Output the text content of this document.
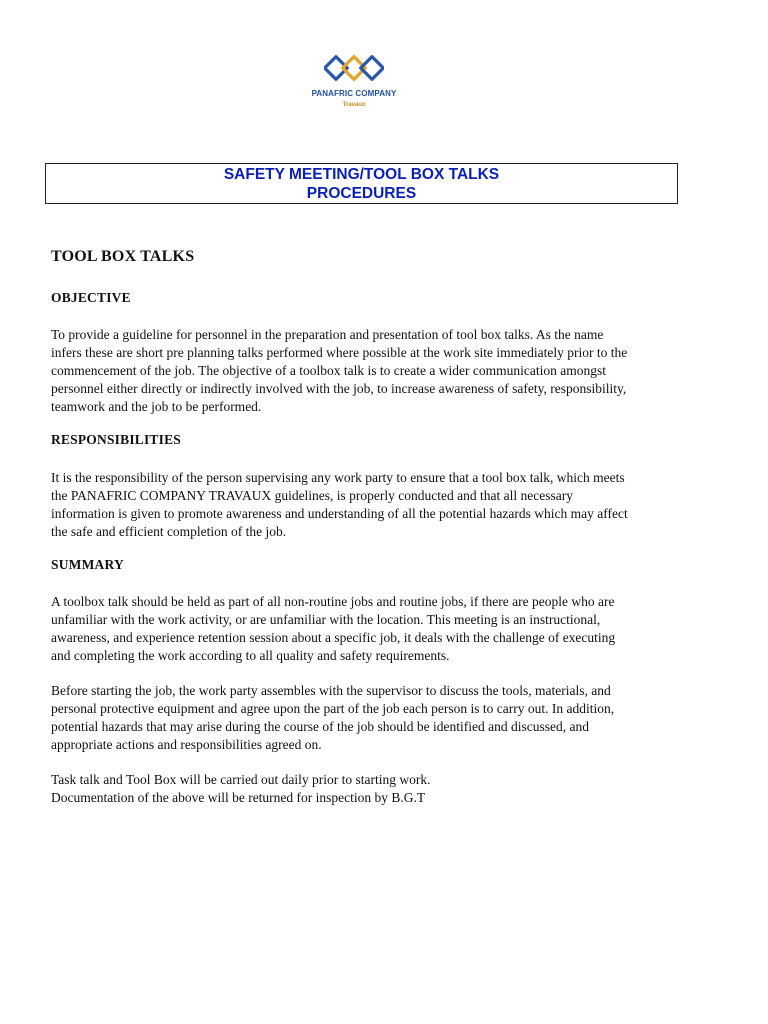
PANAFRIC COMPANY
Travaux
SAFETY MEETING/TOOL BOX TALKS
PROCEDURES
TOOL BOX TALKS
OBJECTIVE
To provide a guideline for personnel in the preparation and presentation of tool box talks. As the name
infers these are short pre planning talks performed where possible at the work site immediately prior to the
commencement of the job. The objective of a toolbox talk is to create a wider communication amongst
personnel either directly or indirectly involved with the job, to increase awareness of safety, responsibility,
teamwork and the job to be performed.
RESPONSIBILITIES
It is the responsibility of the person supervising any work party to ensure that a tool box talk, which meets
the PANAFRIC COMPANY TRAVAUX guidelines, is properly conducted and that all necessary
information is given to promote awareness and understanding of all the potential hazards which may affect
the safe and efficient completion of the job.
SUMMARY
A toolbox talk should be held as part of all non-routine jobs and routine jobs, if there are people who are
unfamiliar with the work activity, or are unfamiliar with the location. This meeting is an instructional,
awareness, and experience retention session about a specific job, it deals with the challenge of executing
and completing the work according to all quality and safety requirements.
Before starting the job, the work party assembles with the supervisor to discuss the tools, materials, and
personal protective equipment and agree upon the part of the job each person is to carry out. In addition,
potential hazards that may arise during the course of the job should be identified and discussed, and
appropriate actions and responsibilities agreed on.
Task talk and Tool Box will be carried out daily prior to starting work.
Documentation of the above will be returned for inspection by B.G.T
